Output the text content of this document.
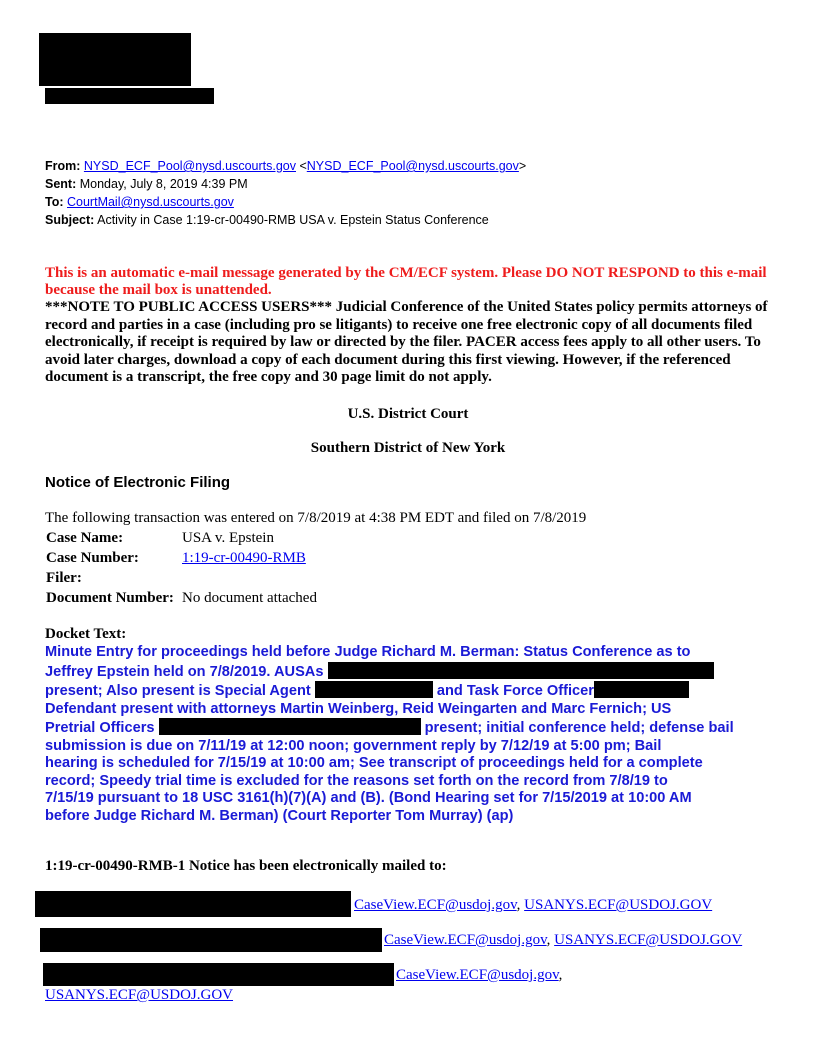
From: NYSD_ECF_Pool@nysd.uscourts.gov <NYSD_ECF_Pool@nysd.uscourts.gov>
Sent: Monday, July 8, 2019 4:39 PM
To: CourtMail@nysd.uscourts.gov
Subject: Activity in Case 1:19-cr-00490-RMB USA v. Epstein Status Conference
This is an automatic e-mail message generated by the CM/ECF system. Please DO NOT RESPOND to this e-mail because the mail box is unattended.
***NOTE TO PUBLIC ACCESS USERS*** Judicial Conference of the United States policy permits attorneys of record and parties in a case (including pro se litigants) to receive one free electronic copy of all documents filed electronically, if receipt is required by law or directed by the filer. PACER access fees apply to all other users. To avoid later charges, download a copy of each document during this first viewing. However, if the referenced document is a transcript, the free copy and 30 page limit do not apply.
U.S. District Court
Southern District of New York
Notice of Electronic Filing
The following transaction was entered on 7/8/2019 at 4:38 PM EDT and filed on 7/8/2019
Case Name:	USA v. Epstein
Case Number:	1:19-cr-00490-RMB
Filer:	
Document Number:	No document attached
Docket Text:
Minute Entry for proceedings held before Judge Richard M. Berman: Status Conference as to
Jeffrey Epstein held on 7/8/2019. AUSAs
present; Also present is Special Agent	and Task Force Officer
Defendant present with attorneys Martin Weinberg, Reid Weingarten and Marc Fernich; US
Pretrial Officers	present; initial conference held; defense bail
submission is due on 7/11/19 at 12:00 noon; government reply by 7/12/19 at 5:00 pm; Bail
hearing is scheduled for 7/15/19 at 10:00 am; See transcript of proceedings held for a complete
record; Speedy trial time is excluded for the reasons set forth on the record from 7/8/19 to
7/15/19 pursuant to 18 USC 3161(h)(7)(A) and (B). (Bond Hearing set for 7/15/2019 at 10:00 AM
before Judge Richard M. Berman) (Court Reporter Tom Murray) (ap)
1:19-cr-00490-RMB-1 Notice has been electronically mailed to:
CaseView.ECF@usdoj.gov, USANYS.ECF@USDOJ.GOV
CaseView.ECF@usdoj.gov, USANYS.ECF@USDOJ.GOV
CaseView.ECF@usdoj.gov,
USANYS.ECF@USDOJ.GOV
